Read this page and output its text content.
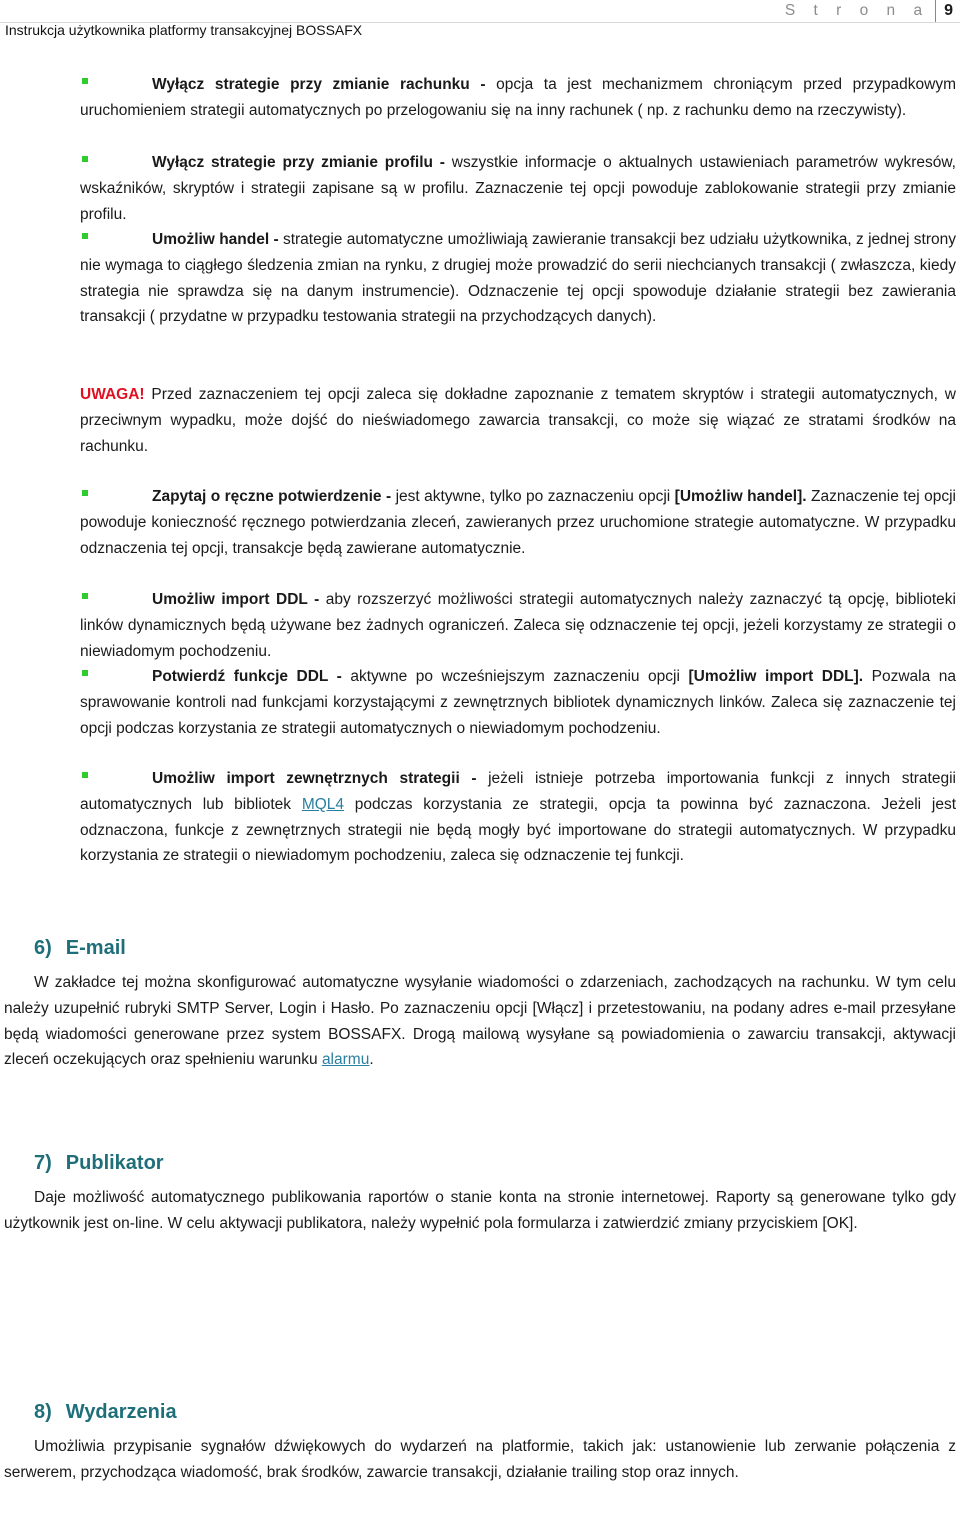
Instrukcja użytkownika platformy transakcyjnej BOSSAFX
S t r o n a 9
Wyłącz strategie przy zmianie rachunku - opcja ta jest mechanizmem chroniącym przed przypadkowym uruchomieniem strategii automatycznych po przelogowaniu się na inny rachunek ( np. z rachunku demo na rzeczywisty).
Wyłącz strategie przy zmianie profilu - wszystkie informacje o aktualnych ustawieniach parametrów wykresów, wskaźników, skryptów i strategii zapisane są w profilu. Zaznaczenie tej opcji powoduje zablokowanie strategii przy zmianie profilu.
Umożliw handel - strategie automatyczne umożliwiają zawieranie transakcji bez udziału użytkownika, z jednej strony nie wymaga to ciągłego śledzenia zmian na rynku, z drugiej może prowadzić do serii niechcianych transakcji ( zwłaszcza, kiedy strategia nie sprawdza się na danym instrumencie). Odznaczenie tej opcji spowoduje działanie strategii bez zawierania transakcji ( przydatne w przypadku testowania strategii na przychodzących danych).
UWAGA! Przed zaznaczeniem tej opcji zaleca się dokładne zapoznanie z tematem skryptów i strategii automatycznych, w przeciwnym wypadku, może dojść do nieświadomego zawarcia transakcji, co może się wiązać ze stratami środków na rachunku.
Zapytaj o ręczne potwierdzenie - jest aktywne, tylko po zaznaczeniu opcji [Umożliw handel]. Zaznaczenie tej opcji powoduje konieczność ręcznego potwierdzania zleceń, zawieranych przez uruchomione strategie automatyczne. W przypadku odznaczenia tej opcji, transakcje będą zawierane automatycznie.
Umożliw import DDL - aby rozszerzyć możliwości strategii automatycznych należy zaznaczyć tą opcję, biblioteki linków dynamicznych będą używane bez żadnych ograniczeń. Zaleca się odznaczenie tej opcji, jeżeli korzystamy ze strategii o niewiadomym pochodzeniu.
Potwierdź funkcje DDL - aktywne po wcześniejszym zaznaczeniu opcji [Umożliw import DDL]. Pozwala na sprawowanie kontroli nad funkcjami korzystającymi z zewnętrznych bibliotek dynamicznych linków. Zaleca się zaznaczenie tej opcji podczas korzystania ze strategii automatycznych o niewiadomym pochodzeniu.
Umożliw import zewnętrznych strategii - jeżeli istnieje potrzeba importowania funkcji z innych strategii automatycznych lub bibliotek MQL4 podczas korzystania ze strategii, opcja ta powinna być zaznaczona. Jeżeli jest odznaczona, funkcje z zewnętrznych strategii nie będą mogły być importowane do strategii automatycznych. W przypadku korzystania ze strategii o niewiadomym pochodzeniu, zaleca się odznaczenie tej funkcji.
6) E-mail
W zakładce tej można skonfigurować automatyczne wysyłanie wiadomości o zdarzeniach, zachodzących na rachunku. W tym celu należy uzupełnić rubryki SMTP Server, Login i Hasło. Po zaznaczeniu opcji [Włącz] i przetestowaniu, na podany adres e-mail przesyłane będą wiadomości generowane przez system BOSSAFX. Drogą mailową wysyłane są powiadomienia o zawarciu transakcji, aktywacji zleceń oczekujących oraz spełnieniu warunku alarmu.
7) Publikator
Daje możliwość automatycznego publikowania raportów o stanie konta na stronie internetowej. Raporty są generowane tylko gdy użytkownik jest on-line. W celu aktywacji publikatora, należy wypełnić pola formularza i zatwierdzić zmiany przyciskiem [OK].
8) Wydarzenia
Umożliwia przypisanie sygnałów dźwiękowych do wydarzeń na platformie, takich jak: ustanowienie lub zerwanie połączenia z serwerem, przychodząca wiadomość, brak środków, zawarcie transakcji, działanie trailing stop oraz innych.
